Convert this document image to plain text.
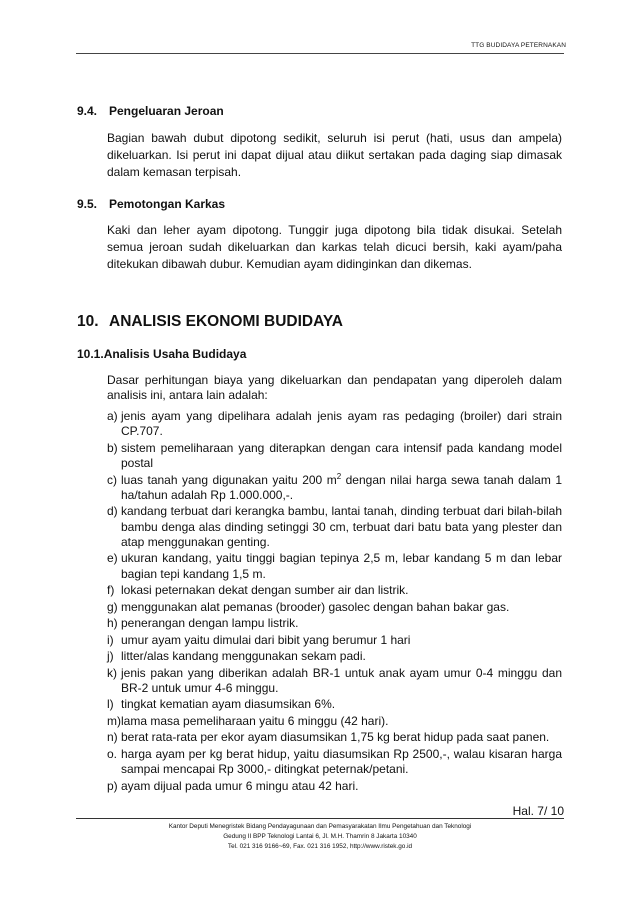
TTG BUDIDAYA PETERNAKAN
9.4. Pengeluaran Jeroan
Bagian bawah dubut dipotong sedikit, seluruh isi perut (hati, usus dan ampela) dikeluarkan. Isi perut ini dapat dijual atau diikut sertakan pada daging siap dimasak dalam kemasan terpisah.
9.5. Pemotongan Karkas
Kaki dan leher ayam dipotong. Tunggir juga dipotong bila tidak disukai. Setelah semua jeroan sudah dikeluarkan dan karkas telah dicuci bersih, kaki ayam/paha ditekukan dibawah dubur. Kemudian ayam didinginkan dan dikemas.
10. ANALISIS EKONOMI BUDIDAYA
10.1.Analisis Usaha Budidaya
Dasar perhitungan biaya yang dikeluarkan dan pendapatan yang diperoleh dalam analisis ini, antara lain adalah:
a) jenis ayam yang dipelihara adalah jenis ayam ras pedaging (broiler) dari strain CP.707.
b) sistem pemeliharaan yang diterapkan dengan cara intensif pada kandang model postal
c) luas tanah yang digunakan yaitu 200 $m^2$ dengan nilai harga sewa tanah dalam 1 ha/tahun adalah Rp 1.000.000,-.
d) kandang terbuat dari kerangka bambu, lantai tanah, dinding terbuat dari bilah-bilah bambu denga alas dinding setinggi 30 cm, terbuat dari batu bata yang plester dan atap menggunakan genting.
e) ukuran kandang, yaitu tinggi bagian tepinya 2,5 m, lebar kandang 5 m dan lebar bagian tepi kandang 1,5 m.
f) lokasi peternakan dekat dengan sumber air dan listrik.
g) menggunakan alat pemanas (brooder) gasolec dengan bahan bakar gas.
h) penerangan dengan lampu listrik.
i) umur ayam yaitu dimulai dari bibit yang berumur 1 hari
j) litter/alas kandang menggunakan sekam padi.
k) jenis pakan yang diberikan adalah BR-1 untuk anak ayam umur 0-4 minggu dan BR-2 untuk umur 4-6 minggu.
l) tingkat kematian ayam diasumsikan 6%.
m) lama masa pemeliharaan yaitu 6 minggu (42 hari).
n) berat rata-rata per ekor ayam diasumsikan 1,75 kg berat hidup pada saat panen.
o. harga ayam per kg berat hidup, yaitu diasumsikan Rp 2500,-, walau kisaran harga sampai mencapai Rp 3000,- ditingkat peternak/petani.
p) ayam dijual pada umur 6 mingu atau 42 hari.
Hal. 7/ 10
Kantor Deputi Menegristek Bidang Pendayagunaan dan Pemasyarakatan Ilmu Pengetahuan dan Teknologi
Gedung II BPP Teknologi Lantai 6, Jl. M.H. Thamrin 8 Jakarta 10340
Tel. 021 316 9166~69, Fax. 021 316 1952, http://www.ristek.go.id
